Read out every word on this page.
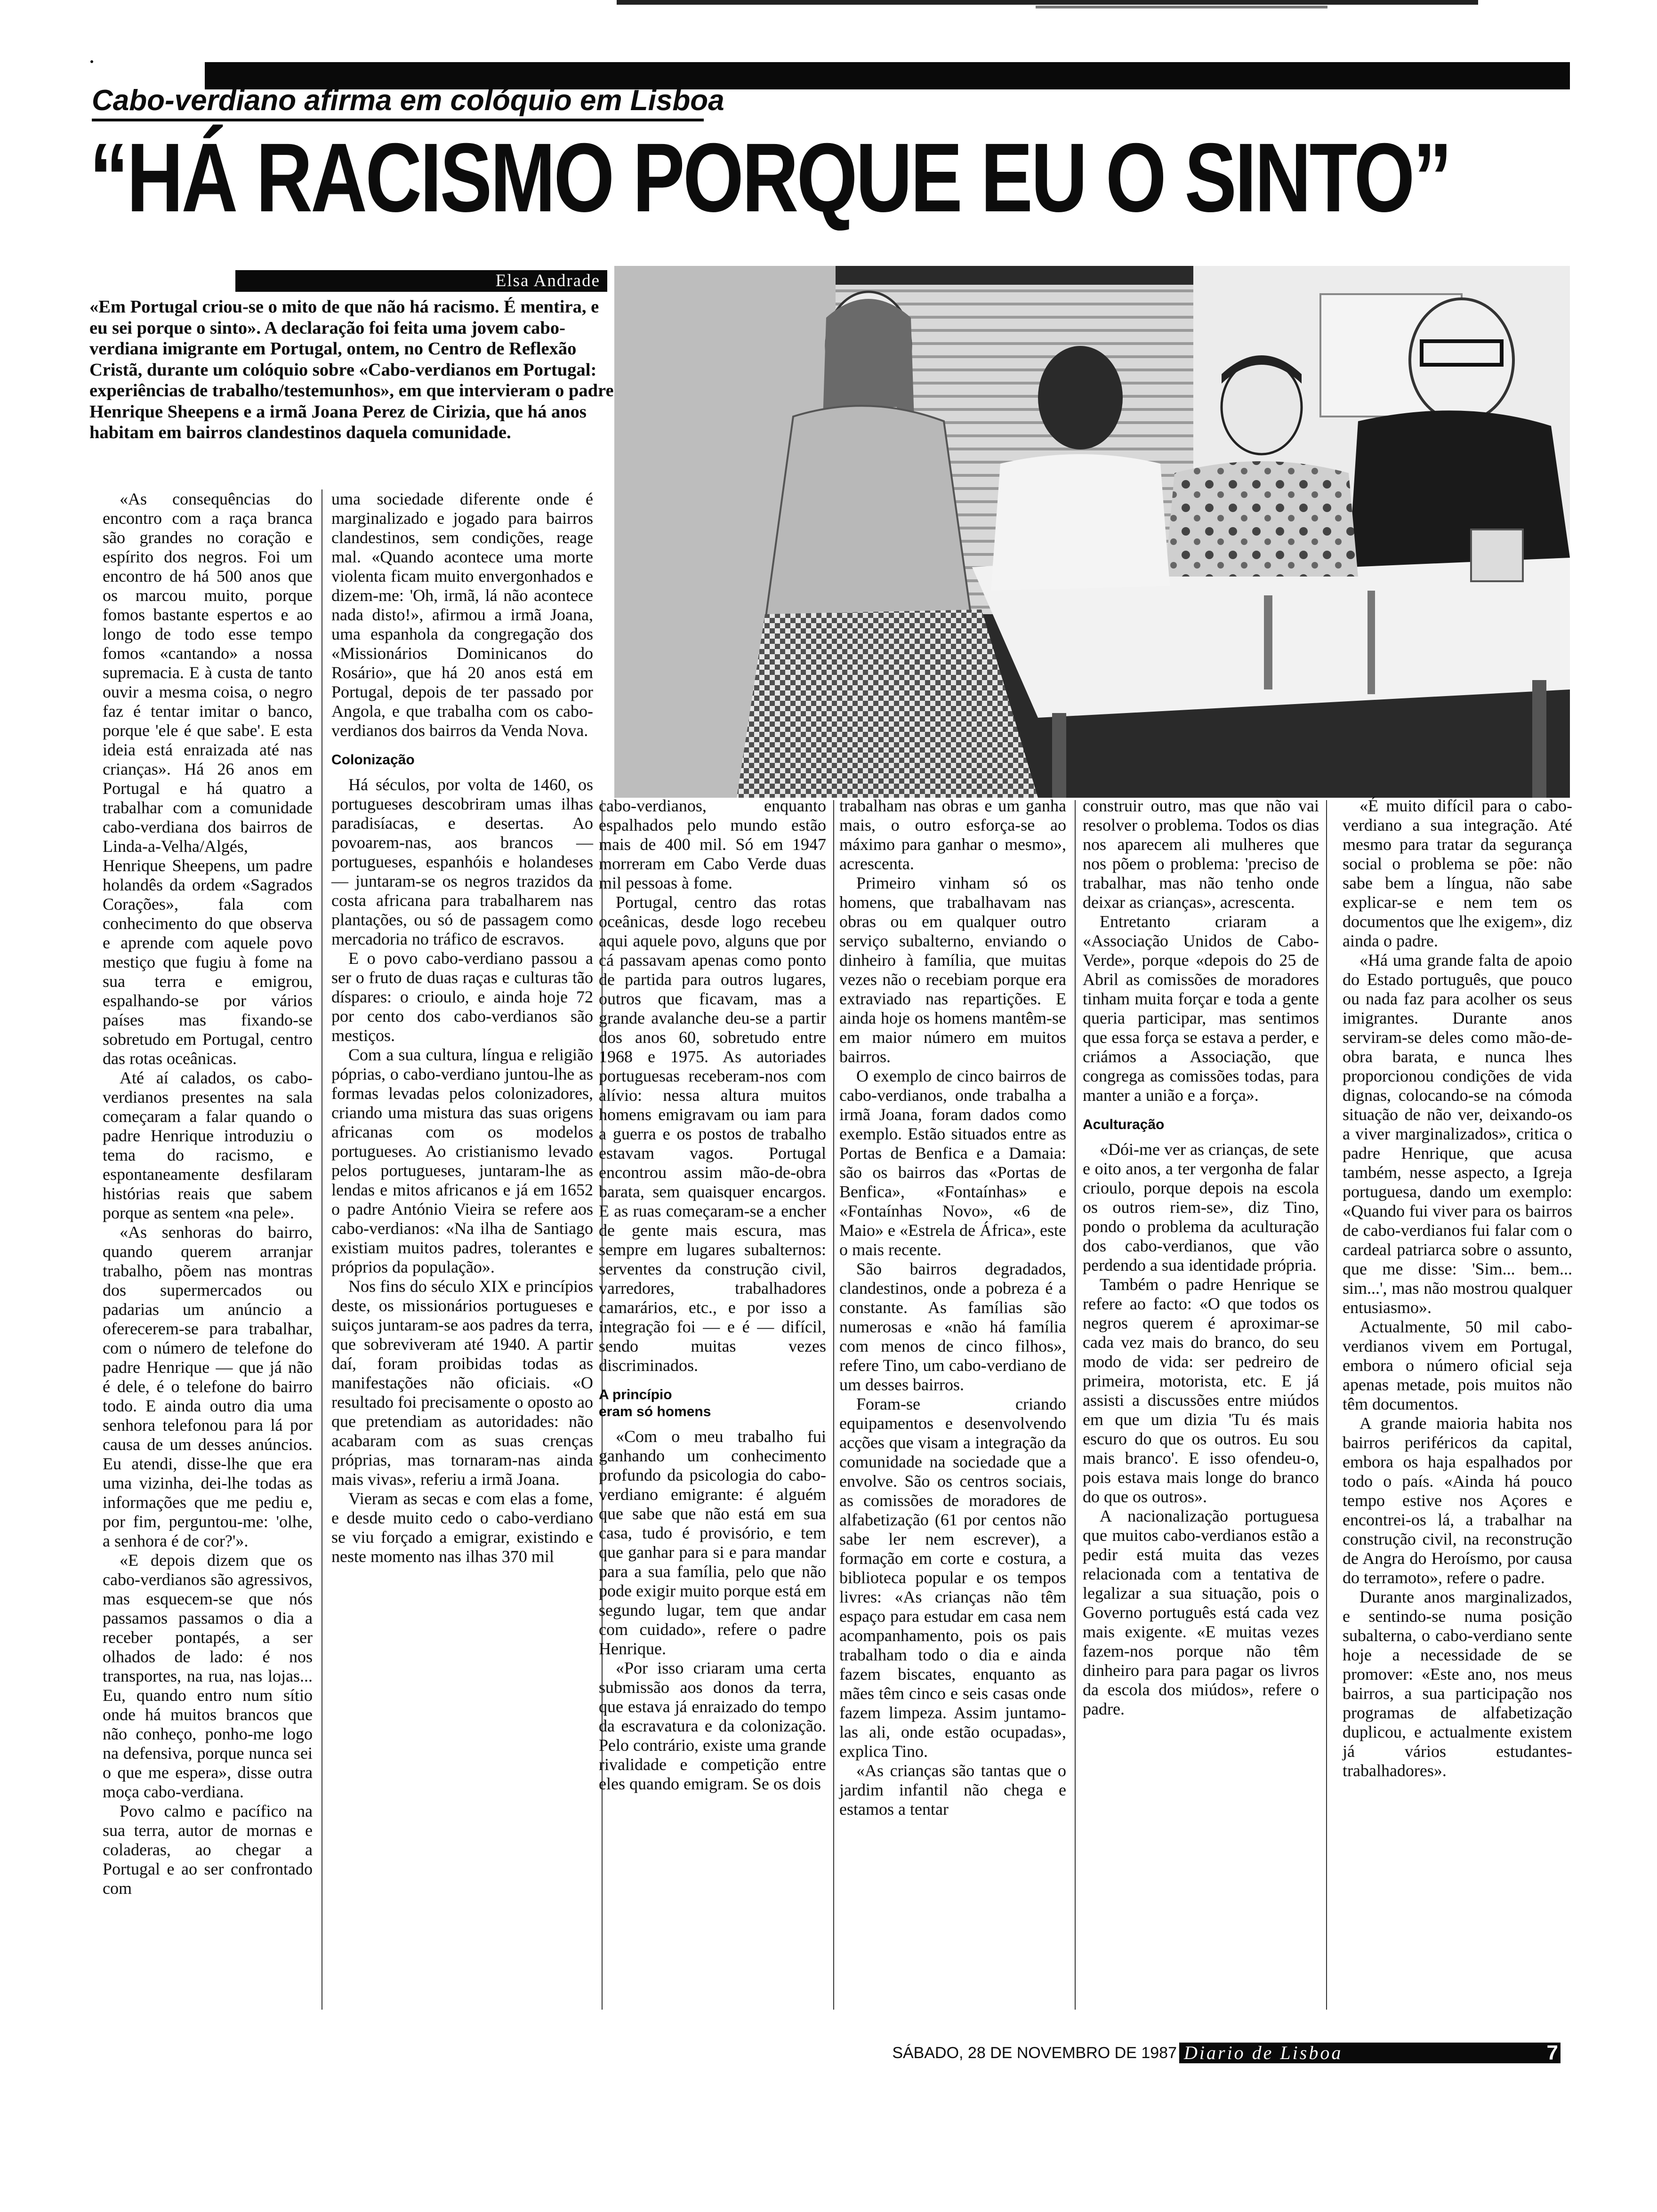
Cabo-verdiano afirma em colóquio em Lisboa
“HÁ RACISMO PORQUE EU O SINTO”
Elsa Andrade
«Em Portugal criou-se o mito de que não há racismo. É mentira, e eu sei porque o sinto». A declaração foi feita uma jovem cabo-verdiana imigrante em Portugal, ontem, no Centro de Reflexão Cristã, durante um colóquio sobre «Cabo-verdianos em Portugal: experiências de trabalho/testemunhos», em que intervieram o padre Henrique Sheepens e a irmã Joana Perez de Cirizia, que há anos habitam em bairros clandestinos daquela comunidade.

«As consequências do encontro com a raça branca são grandes no coração e espírito dos negros. Foi um encontro de há 500 anos que os marcou muito, porque fomos bastante espertos e ao longo de todo esse tempo fomos «cantando» a nossa supremacia. E à custa de tanto ouvir a mesma coisa, o negro faz é tentar imitar o banco, porque 'ele é que sabe'. E esta ideia está enraizada até nas crianças». Há 26 anos em Portugal e há quatro a trabalhar com a comunidade cabo-verdiana dos bairros de Linda-a-Velha/Algés, Henrique Sheepens, um padre holandês da ordem «Sagrados Corações», fala com conhecimento do que observa e aprende com aquele povo mestiço que fugiu à fome na sua terra e emigrou, espalhando-se por vários países mas fixando-se sobretudo em Portugal, centro das rotas oceânicas.

Até aí calados, os cabo-verdianos presentes na sala começaram a falar quando o padre Henrique introduziu o tema do racismo, e espontaneamente desfilaram histórias reais que sabem porque as sentem «na pele».

«As senhoras do bairro, quando querem arranjar trabalho, põem nas montras dos supermercados ou padarias um anúncio a oferecerem-se para trabalhar, com o número de telefone do padre Henrique — que já não é dele, é o telefone do bairro todo. E ainda outro dia uma senhora telefonou para lá por causa de um desses anúncios. Eu atendi, disse-lhe que era uma vizinha, dei-lhe todas as informações que me pediu e, por fim, perguntou-me: 'olhe, a senhora é de cor?'».

«E depois dizem que os cabo-verdianos são agressivos, mas esquecem-se que nós passamos passamos o dia a receber pontapés, a ser olhados de lado: é nos transportes, na rua, nas lojas... Eu, quando entro num sítio onde há muitos brancos que não conheço, ponho-me logo na defensiva, porque nunca sei o que me espera», disse outra moça cabo-verdiana.

Povo calmo e pacífico na sua terra, autor de mornas e coladeras, ao chegar a Portugal e ao ser confrontado com

uma sociedade diferente onde é marginalizado e jogado para bairros clandestinos, sem condições, reage mal. «Quando acontece uma morte violenta ficam muito envergonhados e dizem-me: 'Oh, irmã, lá não acontece nada disto!», afirmou a irmã Joana, uma espanhola da congregação dos «Missionários Dominicanos do Rosário», que há 20 anos está em Portugal, depois de ter passado por Angola, e que trabalha com os cabo-verdianos dos bairros da Venda Nova.

Colonização

Há séculos, por volta de 1460, os portugueses descobriram umas ilhas paradisíacas, e desertas. Ao povoarem-nas, aos brancos — portugueses, espanhóis e holandeses — juntaram-se os negros trazidos da costa africana para trabalharem nas plantações, ou só de passagem como mercadoria no tráfico de escravos.

E o povo cabo-verdiano passou a ser o fruto de duas raças e culturas tão díspares: o crioulo, e ainda hoje 72 por cento dos cabo-verdianos são mestiços.

Com a sua cultura, língua e religião póprias, o cabo-verdiano juntou-lhe as formas levadas pelos colonizadores, criando uma mistura das suas origens africanas com os modelos portugueses. Ao cristianismo levado pelos portugueses, juntaram-lhe as lendas e mitos africanos e já em 1652 o padre António Vieira se refere aos cabo-verdianos: «Na ilha de Santiago existiam muitos padres, tolerantes e próprios da população».

Nos fins do século XIX e princípios deste, os missionários portugueses e suiços juntaram-se aos padres da terra, que sobreviveram até 1940. A partir daí, foram proibidas todas as manifestações não oficiais. «O resultado foi precisamente o oposto ao que pretendiam as autoridades: não acabaram com as suas crenças próprias, mas tornaram-nas ainda mais vivas», referiu a irmã Joana.

Vieram as secas e com elas a fome, e desde muito cedo o cabo-verdiano se viu forçado a emigrar, existindo e neste momento nas ilhas 370 mil

cabo-verdianos, enquanto espalhados pelo mundo estão mais de 400 mil. Só em 1947 morreram em Cabo Verde duas mil pessoas à fome.

Portugal, centro das rotas oceânicas, desde logo recebeu aqui aquele povo, alguns que por cá passavam apenas como ponto de partida para outros lugares, outros que ficavam, mas a grande avalanche deu-se a partir dos anos 60, sobretudo entre 1968 e 1975. As autoriades portuguesas receberam-nos com alívio: nessa altura muitos homens emigravam ou iam para a guerra e os postos de trabalho estavam vagos. Portugal encontrou assim mão-de-obra barata, sem quaisquer encargos. E as ruas começaram-se a encher de gente mais escura, mas sempre em lugares subalternos: serventes da construção civil, varredores, trabalhadores camarários, etc., e por isso a integração foi — e é — difícil, sendo muitas vezes discriminados.

A princípio
eram só homens

«Com o meu trabalho fui ganhando um conhecimento profundo da psicologia do cabo-verdiano emigrante: é alguém que sabe que não está em sua casa, tudo é provisório, e tem que ganhar para si e para mandar para a sua família, pelo que não pode exigir muito porque está em segundo lugar, tem que andar com cuidado», refere o padre Henrique.

«Por isso criaram uma certa submissão aos donos da terra, que estava já enraizado do tempo da escravatura e da colonização. Pelo contrário, existe uma grande rivalidade e competição entre eles quando emigram. Se os dois

trabalham nas obras e um ganha mais, o outro esforça-se ao máximo para ganhar o mesmo», acrescenta.

Primeiro vinham só os homens, que trabalhavam nas obras ou em qualquer outro serviço subalterno, enviando o dinheiro à família, que muitas vezes não o recebiam porque era extraviado nas repartições. E ainda hoje os homens mantêm-se em maior número em muitos bairros.

O exemplo de cinco bairros de cabo-verdianos, onde trabalha a irmã Joana, foram dados como exemplo. Estão situados entre as Portas de Benfica e a Damaia: são os bairros das «Portas de Benfica», «Fontaínhas» e «Fontaínhas Novo», «6 de Maio» e «Estrela de África», este o mais recente.

São bairros degradados, clandestinos, onde a pobreza é a constante. As famílias são numerosas e «não há família com menos de cinco filhos», refere Tino, um cabo-verdiano de um desses bairros.

Foram-se criando equipamentos e desenvolvendo acções que visam a integração da comunidade na sociedade que a envolve. São os centros sociais, as comissões de moradores de alfabetização (61 por centos não sabe ler nem escrever), a formação em corte e costura, a biblioteca popular e os tempos livres: «As crianças não têm espaço para estudar em casa nem acompanhamento, pois os pais trabalham todo o dia e ainda fazem biscates, enquanto as mães têm cinco e seis casas onde fazem limpeza. Assim juntamo-las ali, onde estão ocupadas», explica Tino.

«As crianças são tantas que o jardim infantil não chega e estamos a tentar

construir outro, mas que não vai resolver o problema. Todos os dias nos aparecem ali mulheres que nos põem o problema: 'preciso de trabalhar, mas não tenho onde deixar as crianças», acrescenta.

Entretanto criaram a «Associação Unidos de Cabo-Verde», porque «depois do 25 de Abril as comissões de moradores tinham muita forçar e toda a gente queria participar, mas sentimos que essa força se estava a perder, e criámos a Associação, que congrega as comissões todas, para manter a união e a força».

Aculturação

«Dói-me ver as crianças, de sete e oito anos, a ter vergonha de falar crioulo, porque depois na escola os outros riem-se», diz Tino, pondo o problema da aculturação dos cabo-verdianos, que vão perdendo a sua identidade própria.

Também o padre Henrique se refere ao facto: «O que todos os negros querem é aproximar-se cada vez mais do branco, do seu modo de vida: ser pedreiro de primeira, motorista, etc. E já assisti a discussões entre miúdos em que um dizia 'Tu és mais escuro do que os outros. Eu sou mais branco'. E isso ofendeu-o, pois estava mais longe do branco do que os outros».

A nacionalização portuguesa que muitos cabo-verdianos estão a pedir está muita das vezes relacionada com a tentativa de legalizar a sua situação, pois o Governo português está cada vez mais exigente. «E muitas vezes fazem-nos porque não têm dinheiro para para pagar os livros da escola dos miúdos», refere o padre.

«É muito difícil para o cabo-verdiano a sua integração. Até mesmo para tratar da segurança social o problema se põe: não sabe bem a língua, não sabe explicar-se e nem tem os documentos que lhe exigem», diz ainda o padre.

«Há uma grande falta de apoio do Estado português, que pouco ou nada faz para acolher os seus imigrantes. Durante anos serviram-se deles como mão-de-obra barata, e nunca lhes proporcionou condições de vida dignas, colocando-se na cómoda situação de não ver, deixando-os a viver marginalizados», critica o padre Henrique, que acusa também, nesse aspecto, a Igreja portuguesa, dando um exemplo: «Quando fui viver para os bairros de cabo-verdianos fui falar com o cardeal patriarca sobre o assunto, que me disse: 'Sim... bem... sim...', mas não mostrou qualquer entusiasmo».

Actualmente, 50 mil cabo-verdianos vivem em Portugal, embora o número oficial seja apenas metade, pois muitos não têm documentos.

A grande maioria habita nos bairros periféricos da capital, embora os haja espalhados por todo o país. «Ainda há pouco tempo estive nos Açores e encontrei-os lá, a trabalhar na construção civil, na reconstrução de Angra do Heroísmo, por causa do terramoto», refere o padre.

Durante anos marginalizados, e sentindo-se numa posição subalterna, o cabo-verdiano sente hoje a necessidade de se promover: «Este ano, nos meus bairros, a sua participação nos programas de alfabetização duplicou, e actualmente existem já vários estudantes-trabalhadores».

SÁBADO, 28 DE NOVEMBRO DE 1987 Diario de Lisboa	7
